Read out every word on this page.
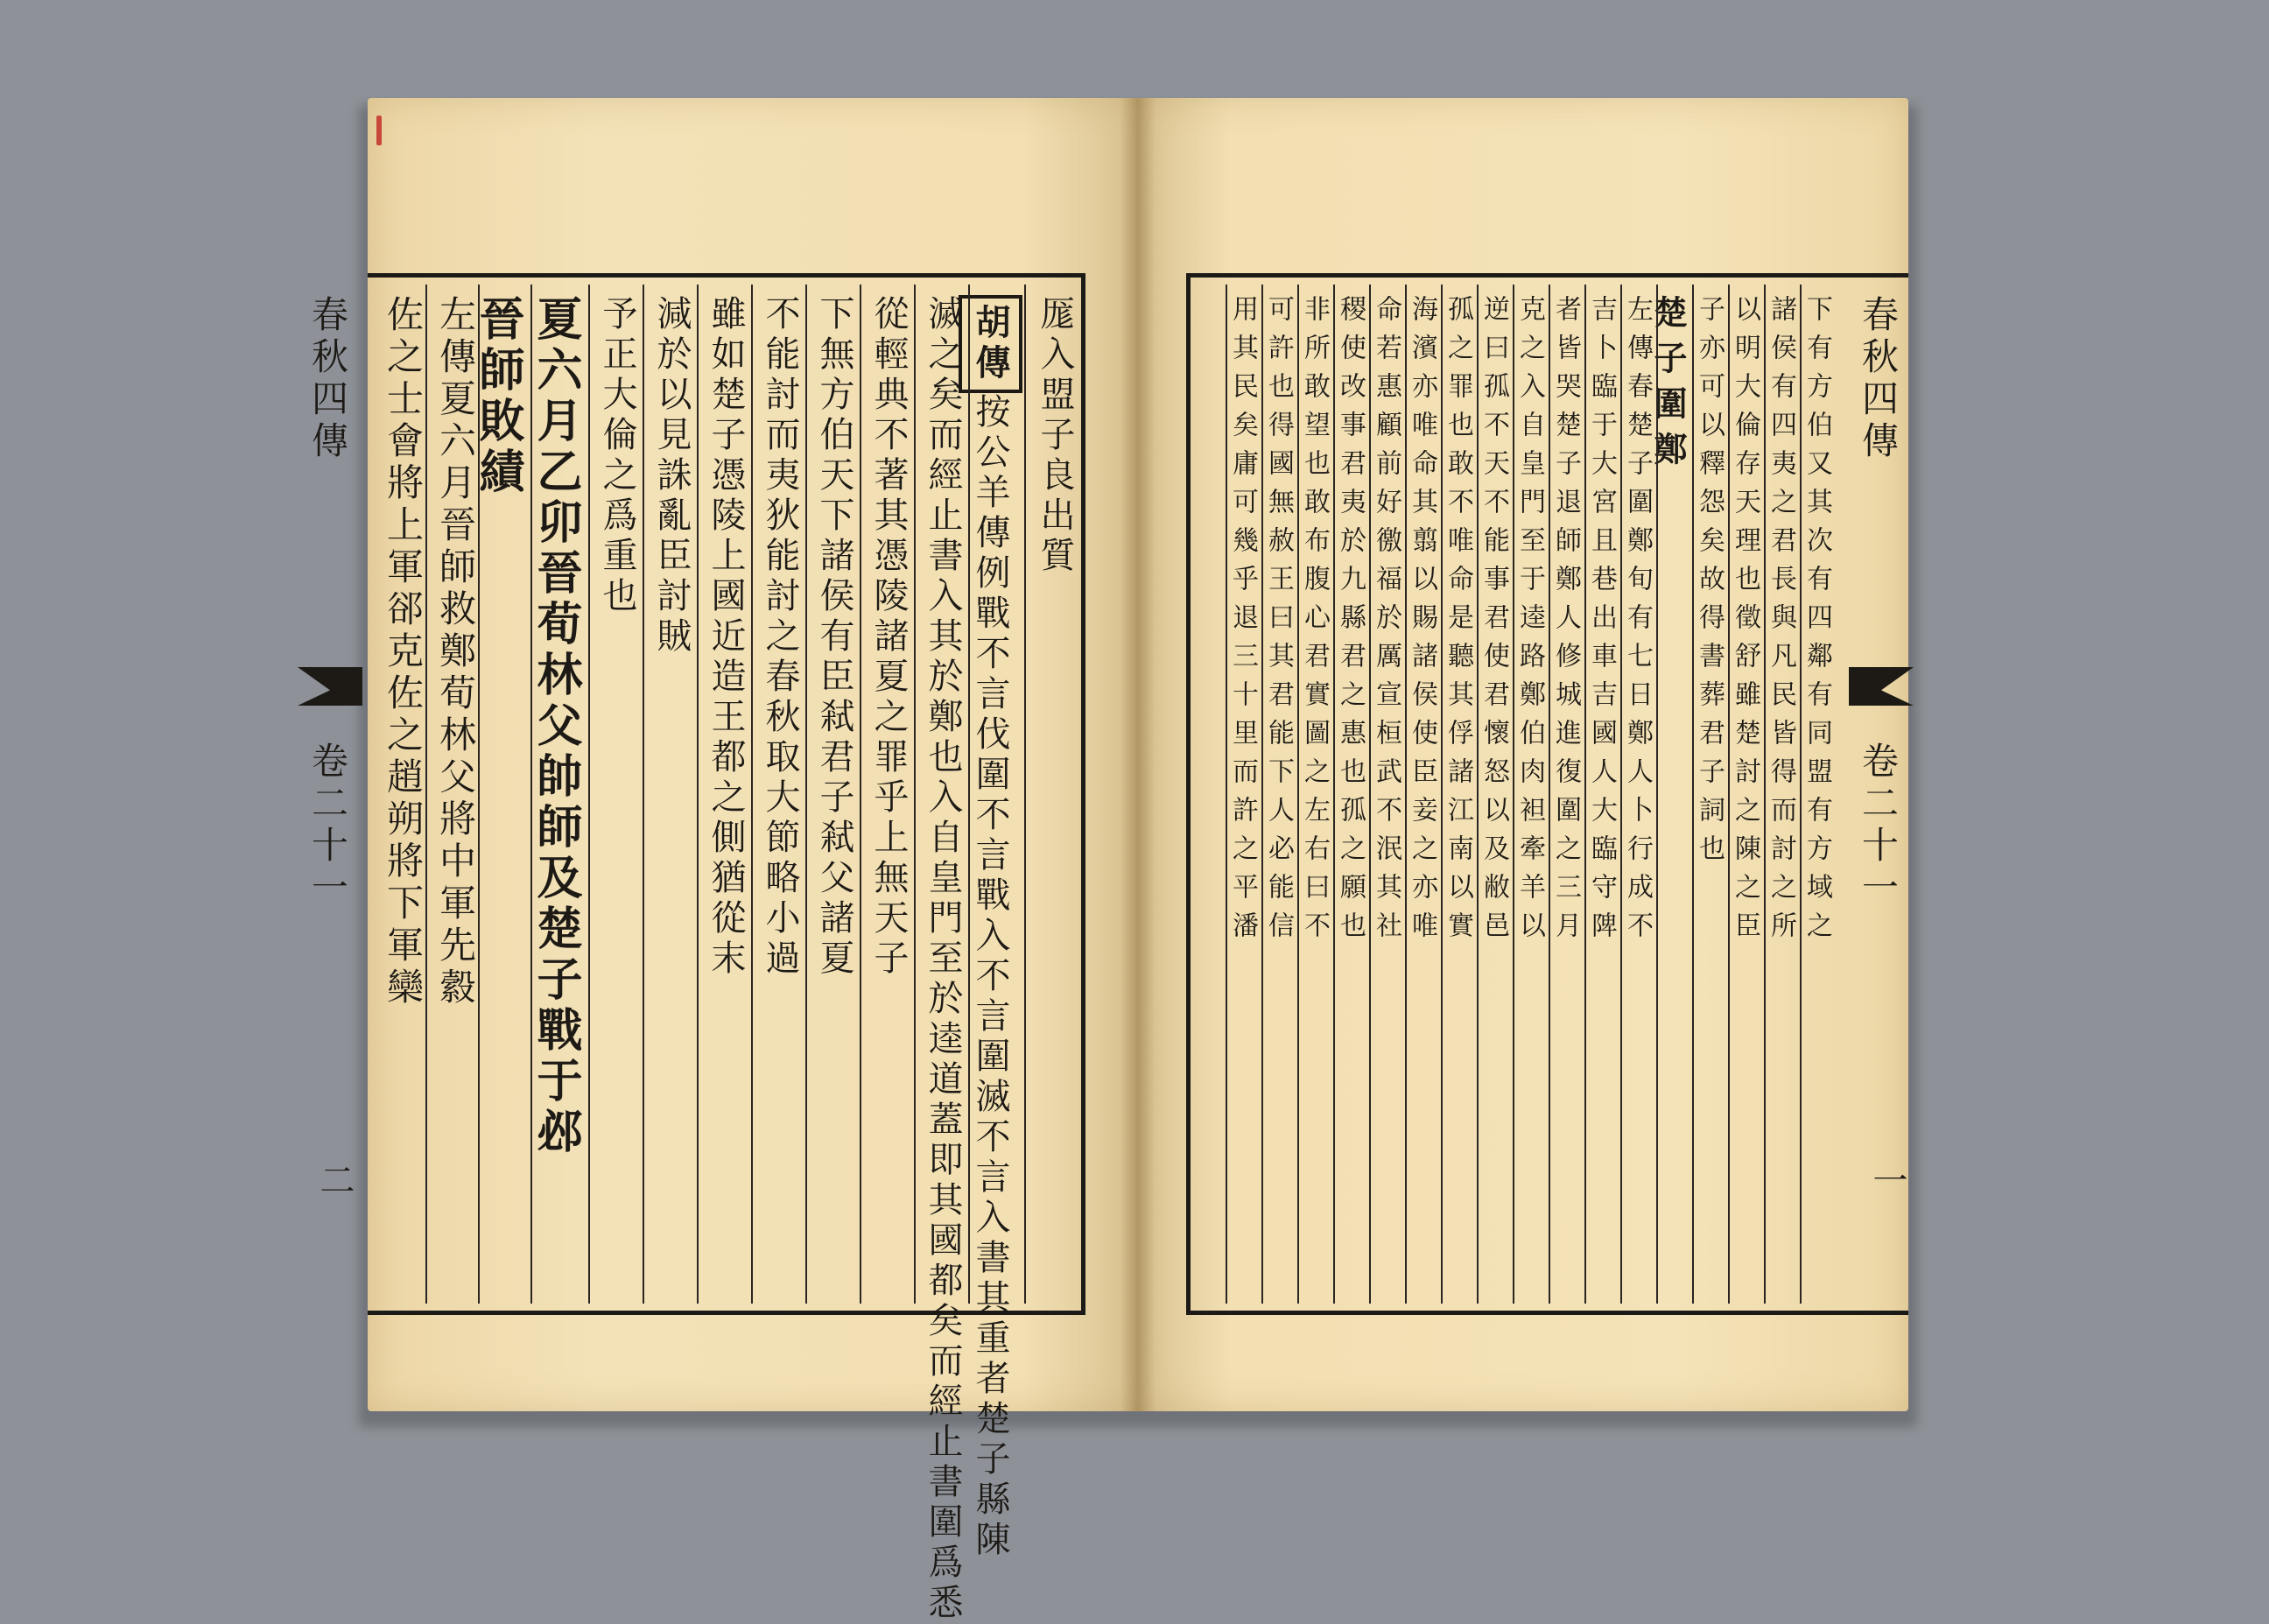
春秋四傳
卷二十一
二
厖入盟子良出質
胡傳按公羊傳例戰不言伐圍不言戰入不言圍滅不言入書其重者楚子縣陳
滅之矣而經止書入其於鄭也入自皇門至於逵道蓋即其國都矣而經止書圍爲悉
從輕典不著其憑陵諸夏之罪乎上無天子
下無方伯天下諸侯有臣弒君子弒父諸夏
不能討而夷狄能討之春秋取大節略小過
雖如楚子憑陵上國近造王都之側猶從末
減於以見誅亂臣討賊
予正大倫之爲重也
夏六月乙卯晉荀林父帥師及楚子戰于邲
晉師敗績
左傳夏六月晉師救鄭荀林父將中軍先縠
佐之士會將上軍郤克佐之趙朔將下軍欒	春秋四傳
卷二十一
一
下有方伯又其次有四鄰有同盟有方域之
諸侯有四夷之君長與凡民皆得而討之所
以明大倫存天理也徵舒雖楚討之陳之臣
子亦可以釋怨矣故得書葬君子詞也
楚子圍鄭
左傳春楚子圍鄭旬有七日鄭人卜行成不
吉卜臨于大宮且巷出車吉國人大臨守陴
者皆哭楚子退師鄭人修城進復圍之三月
克之入自皇門至于逵路鄭伯肉袒牽羊以
逆曰孤不天不能事君使君懷怒以及敝邑
孤之罪也敢不唯命是聽其俘諸江南以實
海濱亦唯命其翦以賜諸侯使臣妾之亦唯
命若惠顧前好徼福於厲宣桓武不泯其社
稷使改事君夷於九縣君之惠也孤之願也
非所敢望也敢布腹心君實圖之左右曰不
可許也得國無赦王曰其君能下人必能信
用其民矣庸可幾乎退三十里而許之平潘
